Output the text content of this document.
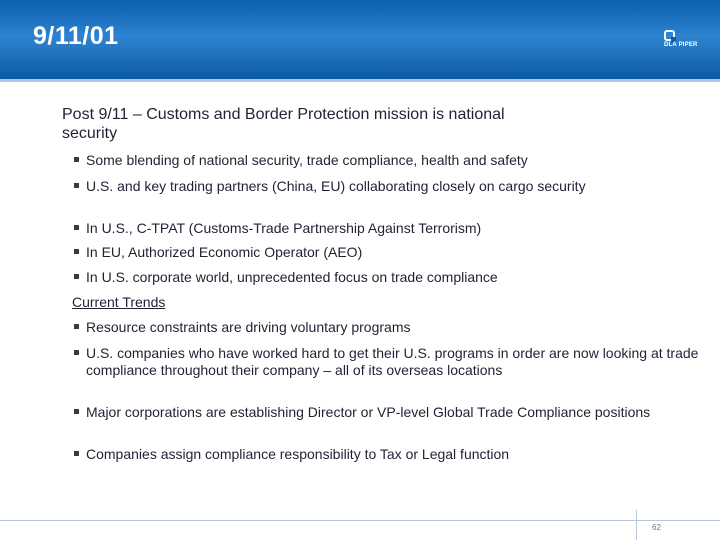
9/11/01	DLA PIPER
Post 9/11 – Customs and Border Protection mission is national security
Some blending of national security, trade compliance, health and safety
U.S. and key trading partners (China, EU) collaborating closely on cargo security
In U.S., C-TPAT (Customs-Trade Partnership Against Terrorism)
In EU, Authorized Economic Operator (AEO)
In U.S. corporate world, unprecedented focus on trade compliance
Current Trends
Resource constraints are driving voluntary programs
U.S. companies who have worked hard to get their U.S. programs in order are now looking at trade compliance throughout their company – all of its overseas locations
Major corporations are establishing Director or VP-level Global Trade Compliance positions
Companies assign compliance responsibility to Tax or Legal function
62
